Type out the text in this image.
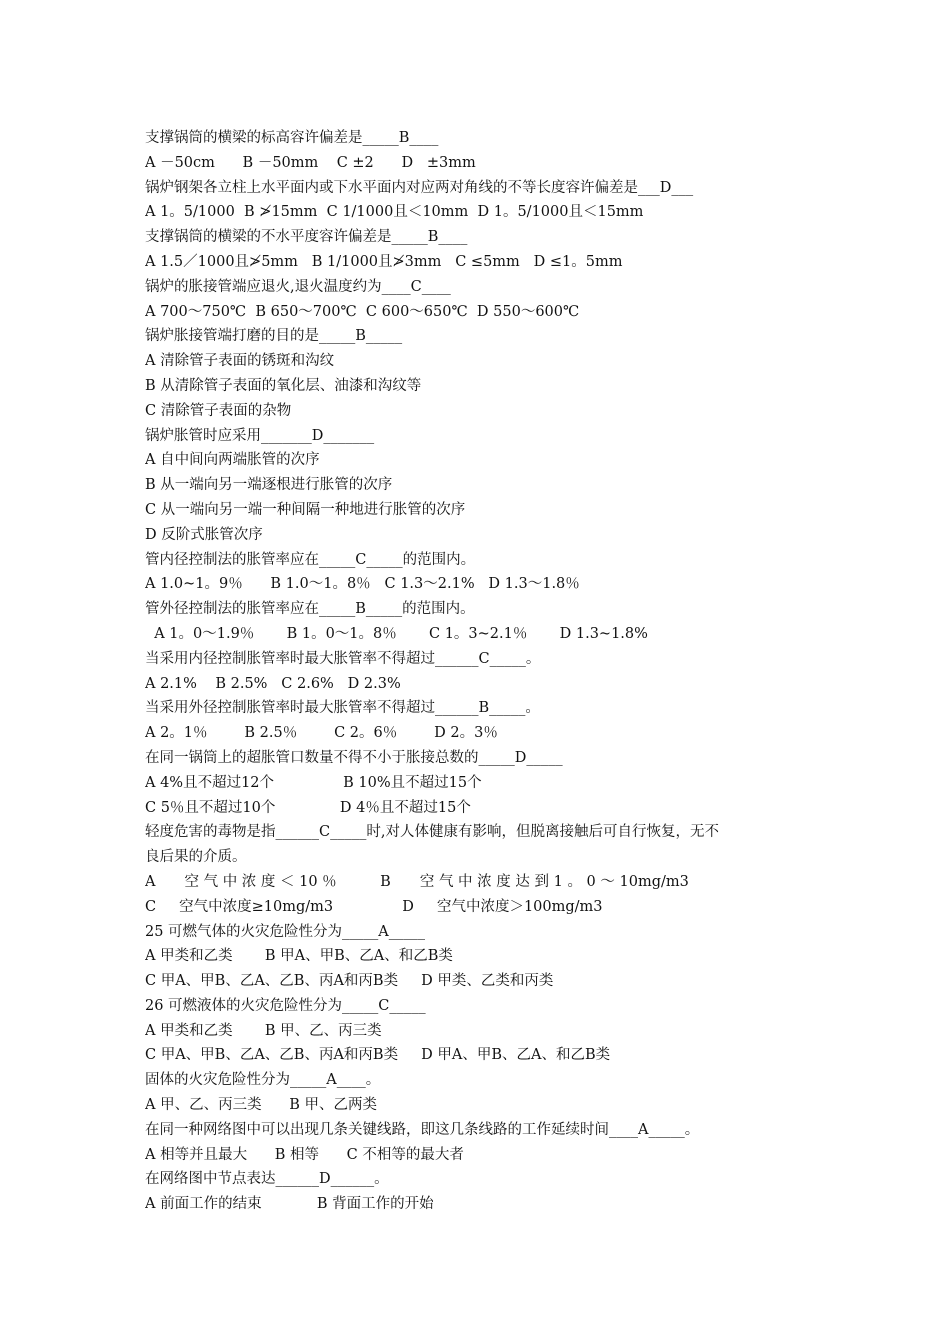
支撑锅筒的横梁的标高容许偏差是_____B____
A －50cm      B －50mm    C ±2      D   ±3mm
锅炉钢架各立柱上水平面内或下水平面内对应两对角线的不等长度容许偏差是___D___
A 1。5/1000  B ≯15mm  C 1/1000且＜10mm  D 1。5/1000且＜15mm
支撑锅筒的横梁的不水平度容许偏差是_____B____
A 1.5／1000且≯5mm   B 1/1000且≯3mm   C ≤5mm   D ≤1。5mm
锅炉的胀接管端应退火,退火温度约为____C____
A 700～750℃  B 650～700℃  C 600～650℃  D 550～600℃
锅炉胀接管端打磨的目的是_____B_____
A 清除管子表面的锈斑和沟纹
B 从清除管子表面的氧化层、油漆和沟纹等
C 清除管子表面的杂物
锅炉胀管时应采用_______D_______
A 自中间向两端胀管的次序
B 从一端向另一端逐根进行胀管的次序
C 从一端向另一端一种间隔一种地进行胀管的次序
D 反阶式胀管次序
管内径控制法的胀管率应在_____C_____的范围内。
A 1.0~1。9％      B 1.0～1。8％   C 1.3～2.1%   D 1.3～1.8％
管外径控制法的胀管率应在_____B_____的范围内。
A 1。0～1.9％       B 1。0～1。8％       C 1。3~2.1％       D 1.3~1.8%
当采用内径控制胀管率时最大胀管率不得超过______C_____。
A 2.1%    B 2.5%   C 2.6%   D 2.3%
当采用外径控制胀管率时最大胀管率不得超过______B_____。
A 2。1％        B 2.5％        C 2。6％        D 2。3％
在同一锅筒上的超胀管口数量不得不小于胀接总数的_____D_____
A 4%且不超过12个               B 10%且不超过15个
C 5％且不超过10个              D 4％且不超过15个
轻度危害的毒物是指______C_____时,对人体健康有影响，但脱离接触后可自行恢复，无不
良后果的介质。
A　　空 气 中 浓 度 ＜ 10 ％　　　B　　空 气 中 浓 度 达 到 1 。 0 ～ 10mg/m3
C     空气中浓度≥10mg/m3               D     空气中浓度＞100mg/m3
25 可燃气体的火灾危险性分为_____A_____
A 甲类和乙类       B 甲A、甲B、乙A、和乙B类
C 甲A、甲B、乙A、乙B、丙A和丙B类     D 甲类、乙类和丙类
26 可燃液体的火灾危险性分为_____C_____
A 甲类和乙类       B 甲、乙、丙三类
C 甲A、甲B、乙A、乙B、丙A和丙B类     D 甲A、甲B、乙A、和乙B类
固体的火灾危险性分为_____A____。
A 甲、乙、丙三类      B 甲、乙两类
在同一种网络图中可以出现几条关键线路，即这几条线路的工作延续时间____A_____。
A 相等并且最大      B 相等      C 不相等的最大者
在网络图中节点表达______D______。
A 前面工作的结束            B 背面工作的开始
